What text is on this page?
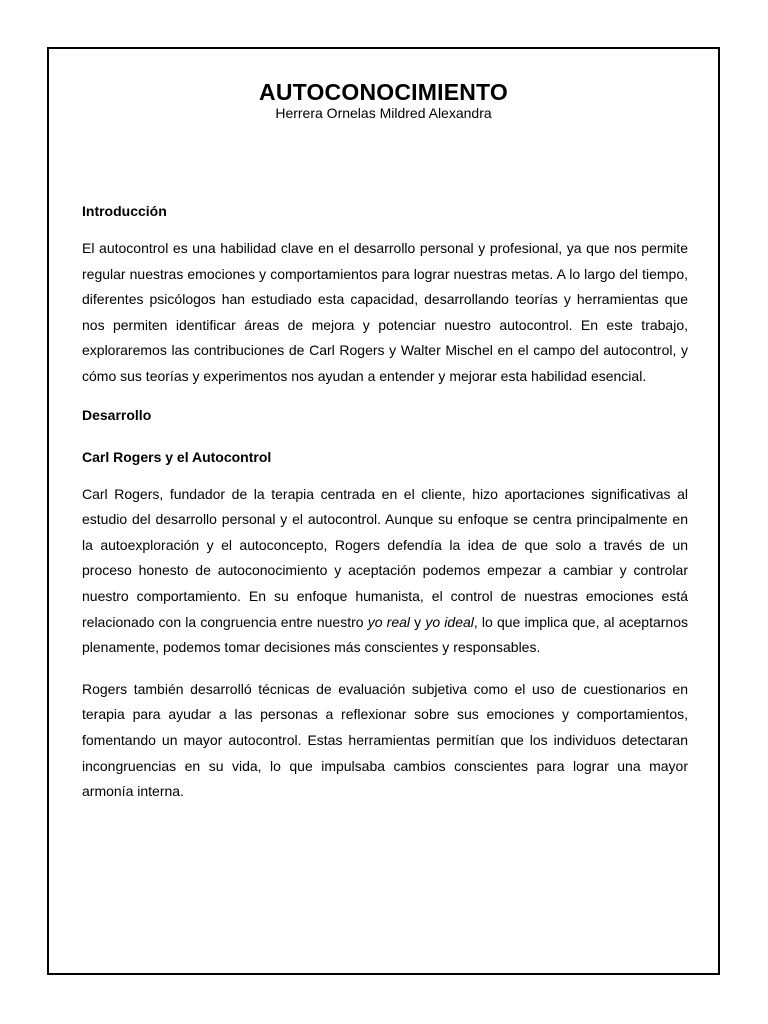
AUTOCONOCIMIENTO
Herrera Ornelas Mildred Alexandra

Introducción

El autocontrol es una habilidad clave en el desarrollo personal y profesional, ya que nos permite regular nuestras emociones y comportamientos para lograr nuestras metas. A lo largo del tiempo, diferentes psicólogos han estudiado esta capacidad, desarrollando teorías y herramientas que nos permiten identificar áreas de mejora y potenciar nuestro autocontrol. En este trabajo, exploraremos las contribuciones de Carl Rogers y Walter Mischel en el campo del autocontrol, y cómo sus teorías y experimentos nos ayudan a entender y mejorar esta habilidad esencial.

Desarrollo

Carl Rogers y el Autocontrol

Carl Rogers, fundador de la terapia centrada en el cliente, hizo aportaciones significativas al estudio del desarrollo personal y el autocontrol. Aunque su enfoque se centra principalmente en la autoexploración y el autoconcepto, Rogers defendía la idea de que solo a través de un proceso honesto de autoconocimiento y aceptación podemos empezar a cambiar y controlar nuestro comportamiento. En su enfoque humanista, el control de nuestras emociones está relacionado con la congruencia entre nuestro yo real y yo ideal, lo que implica que, al aceptarnos plenamente, podemos tomar decisiones más conscientes y responsables.

Rogers también desarrolló técnicas de evaluación subjetiva como el uso de cuestionarios en terapia para ayudar a las personas a reflexionar sobre sus emociones y comportamientos, fomentando un mayor autocontrol. Estas herramientas permitían que los individuos detectaran incongruencias en su vida, lo que impulsaba cambios conscientes para lograr una mayor armonía interna.
